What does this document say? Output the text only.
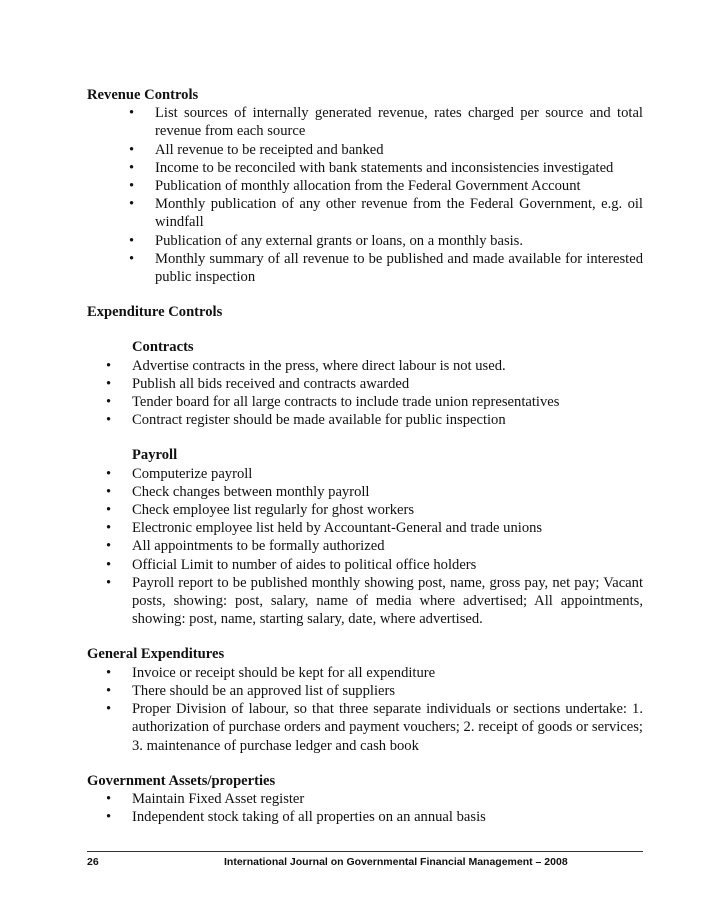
Revenue Controls
• List sources of internally generated revenue, rates charged per source and total revenue from each source
• All revenue to be receipted and banked
• Income to be reconciled with bank statements and inconsistencies investigated
• Publication of monthly allocation from the Federal Government Account
• Monthly publication of any other revenue from the Federal Government, e.g. oil windfall
• Publication of any external grants or loans, on a monthly basis.
• Monthly summary of all revenue to be published and made available for interested public inspection
Expenditure Controls
Contracts
• Advertise contracts in the press, where direct labour is not used.
• Publish all bids received and contracts awarded
• Tender board for all large contracts to include trade union representatives
• Contract register should be made available for public inspection
Payroll
• Computerize payroll
• Check changes between monthly payroll
• Check employee list regularly for ghost workers
• Electronic employee list held by Accountant-General and trade unions
• All appointments to be formally authorized
• Official Limit to number of aides to political office holders
• Payroll report to be published monthly showing post, name, gross pay, net pay; Vacant posts, showing: post, salary, name of media where advertised; All appointments, showing: post, name, starting salary, date, where advertised.
General Expenditures
• Invoice or receipt should be kept for all expenditure
• There should be an approved list of suppliers
• Proper Division of labour, so that three separate individuals or sections undertake: 1. authorization of purchase orders and payment vouchers; 2. receipt of goods or services; 3. maintenance of purchase ledger and cash book
Government Assets/properties
• Maintain Fixed Asset register
• Independent stock taking of all properties on an annual basis
26	International Journal on Governmental Financial Management – 2008
